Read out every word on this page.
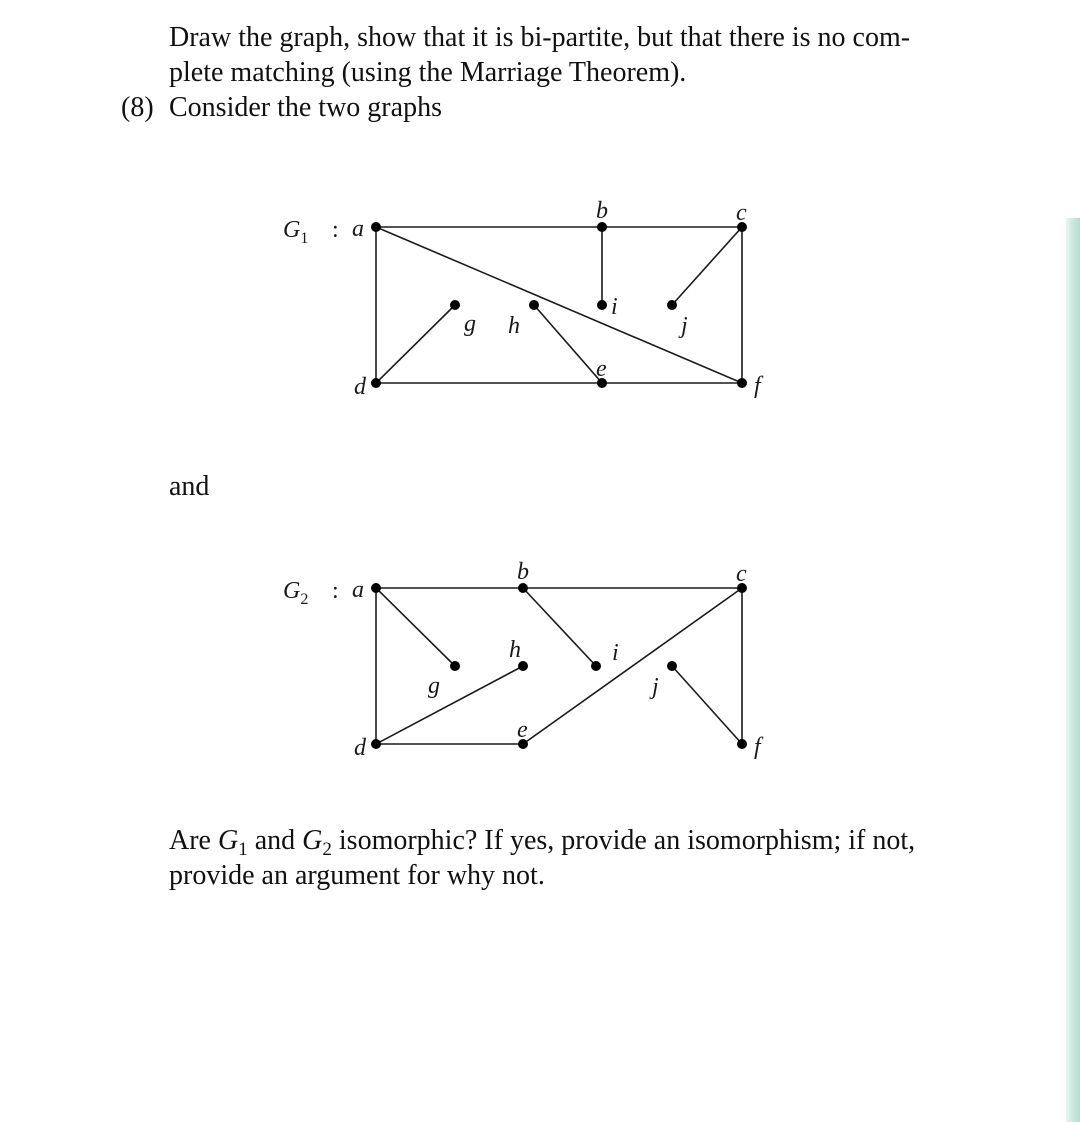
Draw the graph, show that it is bi-partite, but that there is no com-
plete matching (using the Marriage Theorem).
(8) Consider the two graphs
$G_1$ : a
b	c
d
e
f
g h
i
j
and
$G_2$ : a
b	c
d
e
f
g
h	i
j
Are $G_1$ and $G_2$ isomorphic? If yes, provide an isomorphism; if not,
provide an argument for why not.
